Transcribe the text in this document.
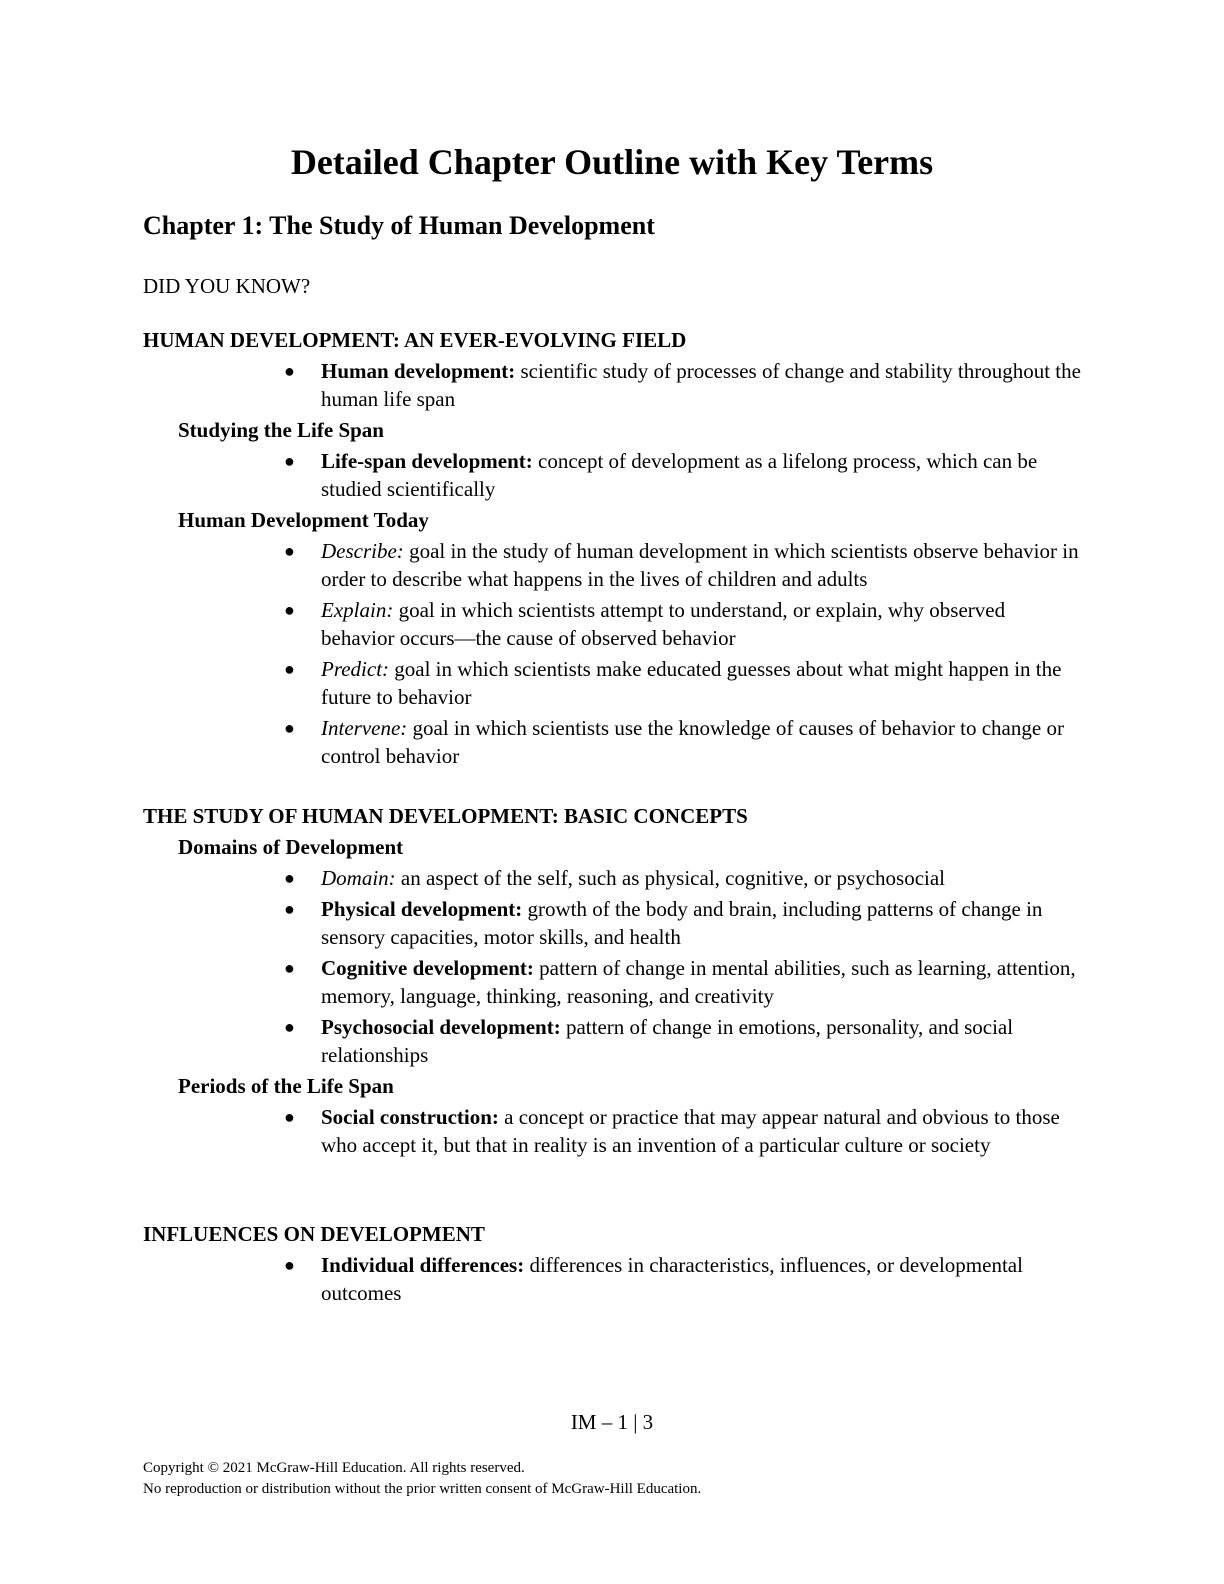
Detailed Chapter Outline with Key Terms
Chapter 1: The Study of Human Development

DID YOU KNOW?

HUMAN DEVELOPMENT: AN EVER-EVOLVING FIELD
● Human development: scientific study of processes of change and stability throughout the human life span
Studying the Life Span
● Life-span development: concept of development as a lifelong process, which can be studied scientifically
Human Development Today
● Describe: goal in the study of human development in which scientists observe behavior in order to describe what happens in the lives of children and adults
● Explain: goal in which scientists attempt to understand, or explain, why observed behavior occurs—the cause of observed behavior
● Predict: goal in which scientists make educated guesses about what might happen in the future to behavior
● Intervene: goal in which scientists use the knowledge of causes of behavior to change or control behavior
THE STUDY OF HUMAN DEVELOPMENT: BASIC CONCEPTS
Domains of Development
● Domain: an aspect of the self, such as physical, cognitive, or psychosocial
● Physical development: growth of the body and brain, including patterns of change in sensory capacities, motor skills, and health
● Cognitive development: pattern of change in mental abilities, such as learning, attention, memory, language, thinking, reasoning, and creativity
● Psychosocial development: pattern of change in emotions, personality, and social relationships
Periods of the Life Span
● Social construction: a concept or practice that may appear natural and obvious to those who accept it, but that in reality is an invention of a particular culture or society
INFLUENCES ON DEVELOPMENT
● Individual differences: differences in characteristics, influences, or developmental outcomes

IM – 1 | 3

Copyright © 2021 McGraw-Hill Education. All rights reserved.
No reproduction or distribution without the prior written consent of McGraw-Hill Education.
